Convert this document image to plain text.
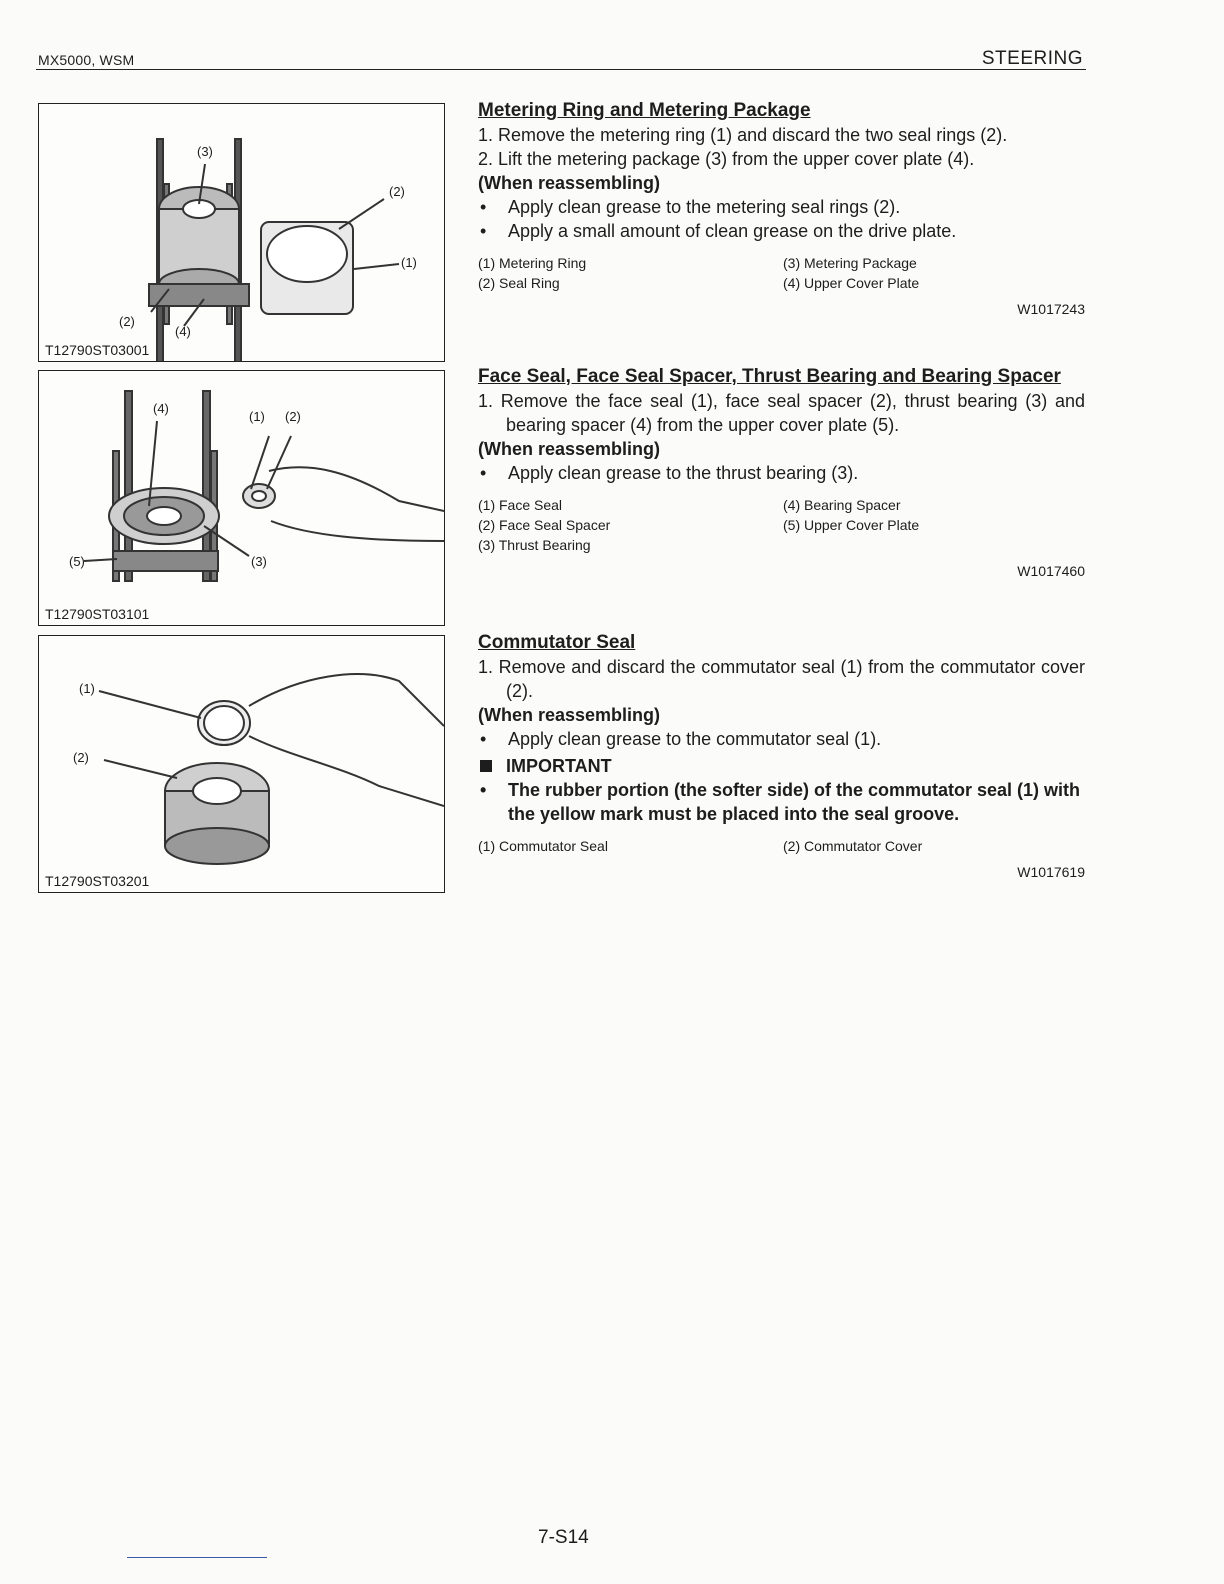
MX5000, WSM	STEERING
(3)
(2)
(1)
(2)
(4)
T12790ST03001
(4)
(1) (2)
(5)	(3)
T12790ST03101
(1)
(2)
T12790ST03201
Metering Ring and Metering Package
1. Remove the metering ring (1) and discard the two seal rings (2).
2. Lift the metering package (3) from the upper cover plate (4).
(When reassembling)
• Apply clean grease to the metering seal rings (2).
• Apply a small amount of clean grease on the drive plate.
(1) Metering Ring	(3) Metering Package
(2) Seal Ring	(4) Upper Cover Plate
W1017243
Face Seal, Face Seal Spacer, Thrust Bearing and Bearing Spacer
1. Remove the face seal (1), face seal spacer (2), thrust bearing (3) and bearing spacer (4) from the upper cover plate (5).
(When reassembling)
• Apply clean grease to the thrust bearing (3).
(1) Face Seal	(4) Bearing Spacer
(2) Face Seal Spacer	(5) Upper Cover Plate
(3) Thrust Bearing
W1017460
Commutator Seal
1. Remove and discard the commutator seal (1) from the commutator cover (2).
(When reassembling)
• Apply clean grease to the commutator seal (1).
IMPORTANT
• The rubber portion (the softer side) of the commutator seal (1) with the yellow mark must be placed into the seal groove.
(1) Commutator Seal	(2) Commutator Cover
W1017619
7-S14
